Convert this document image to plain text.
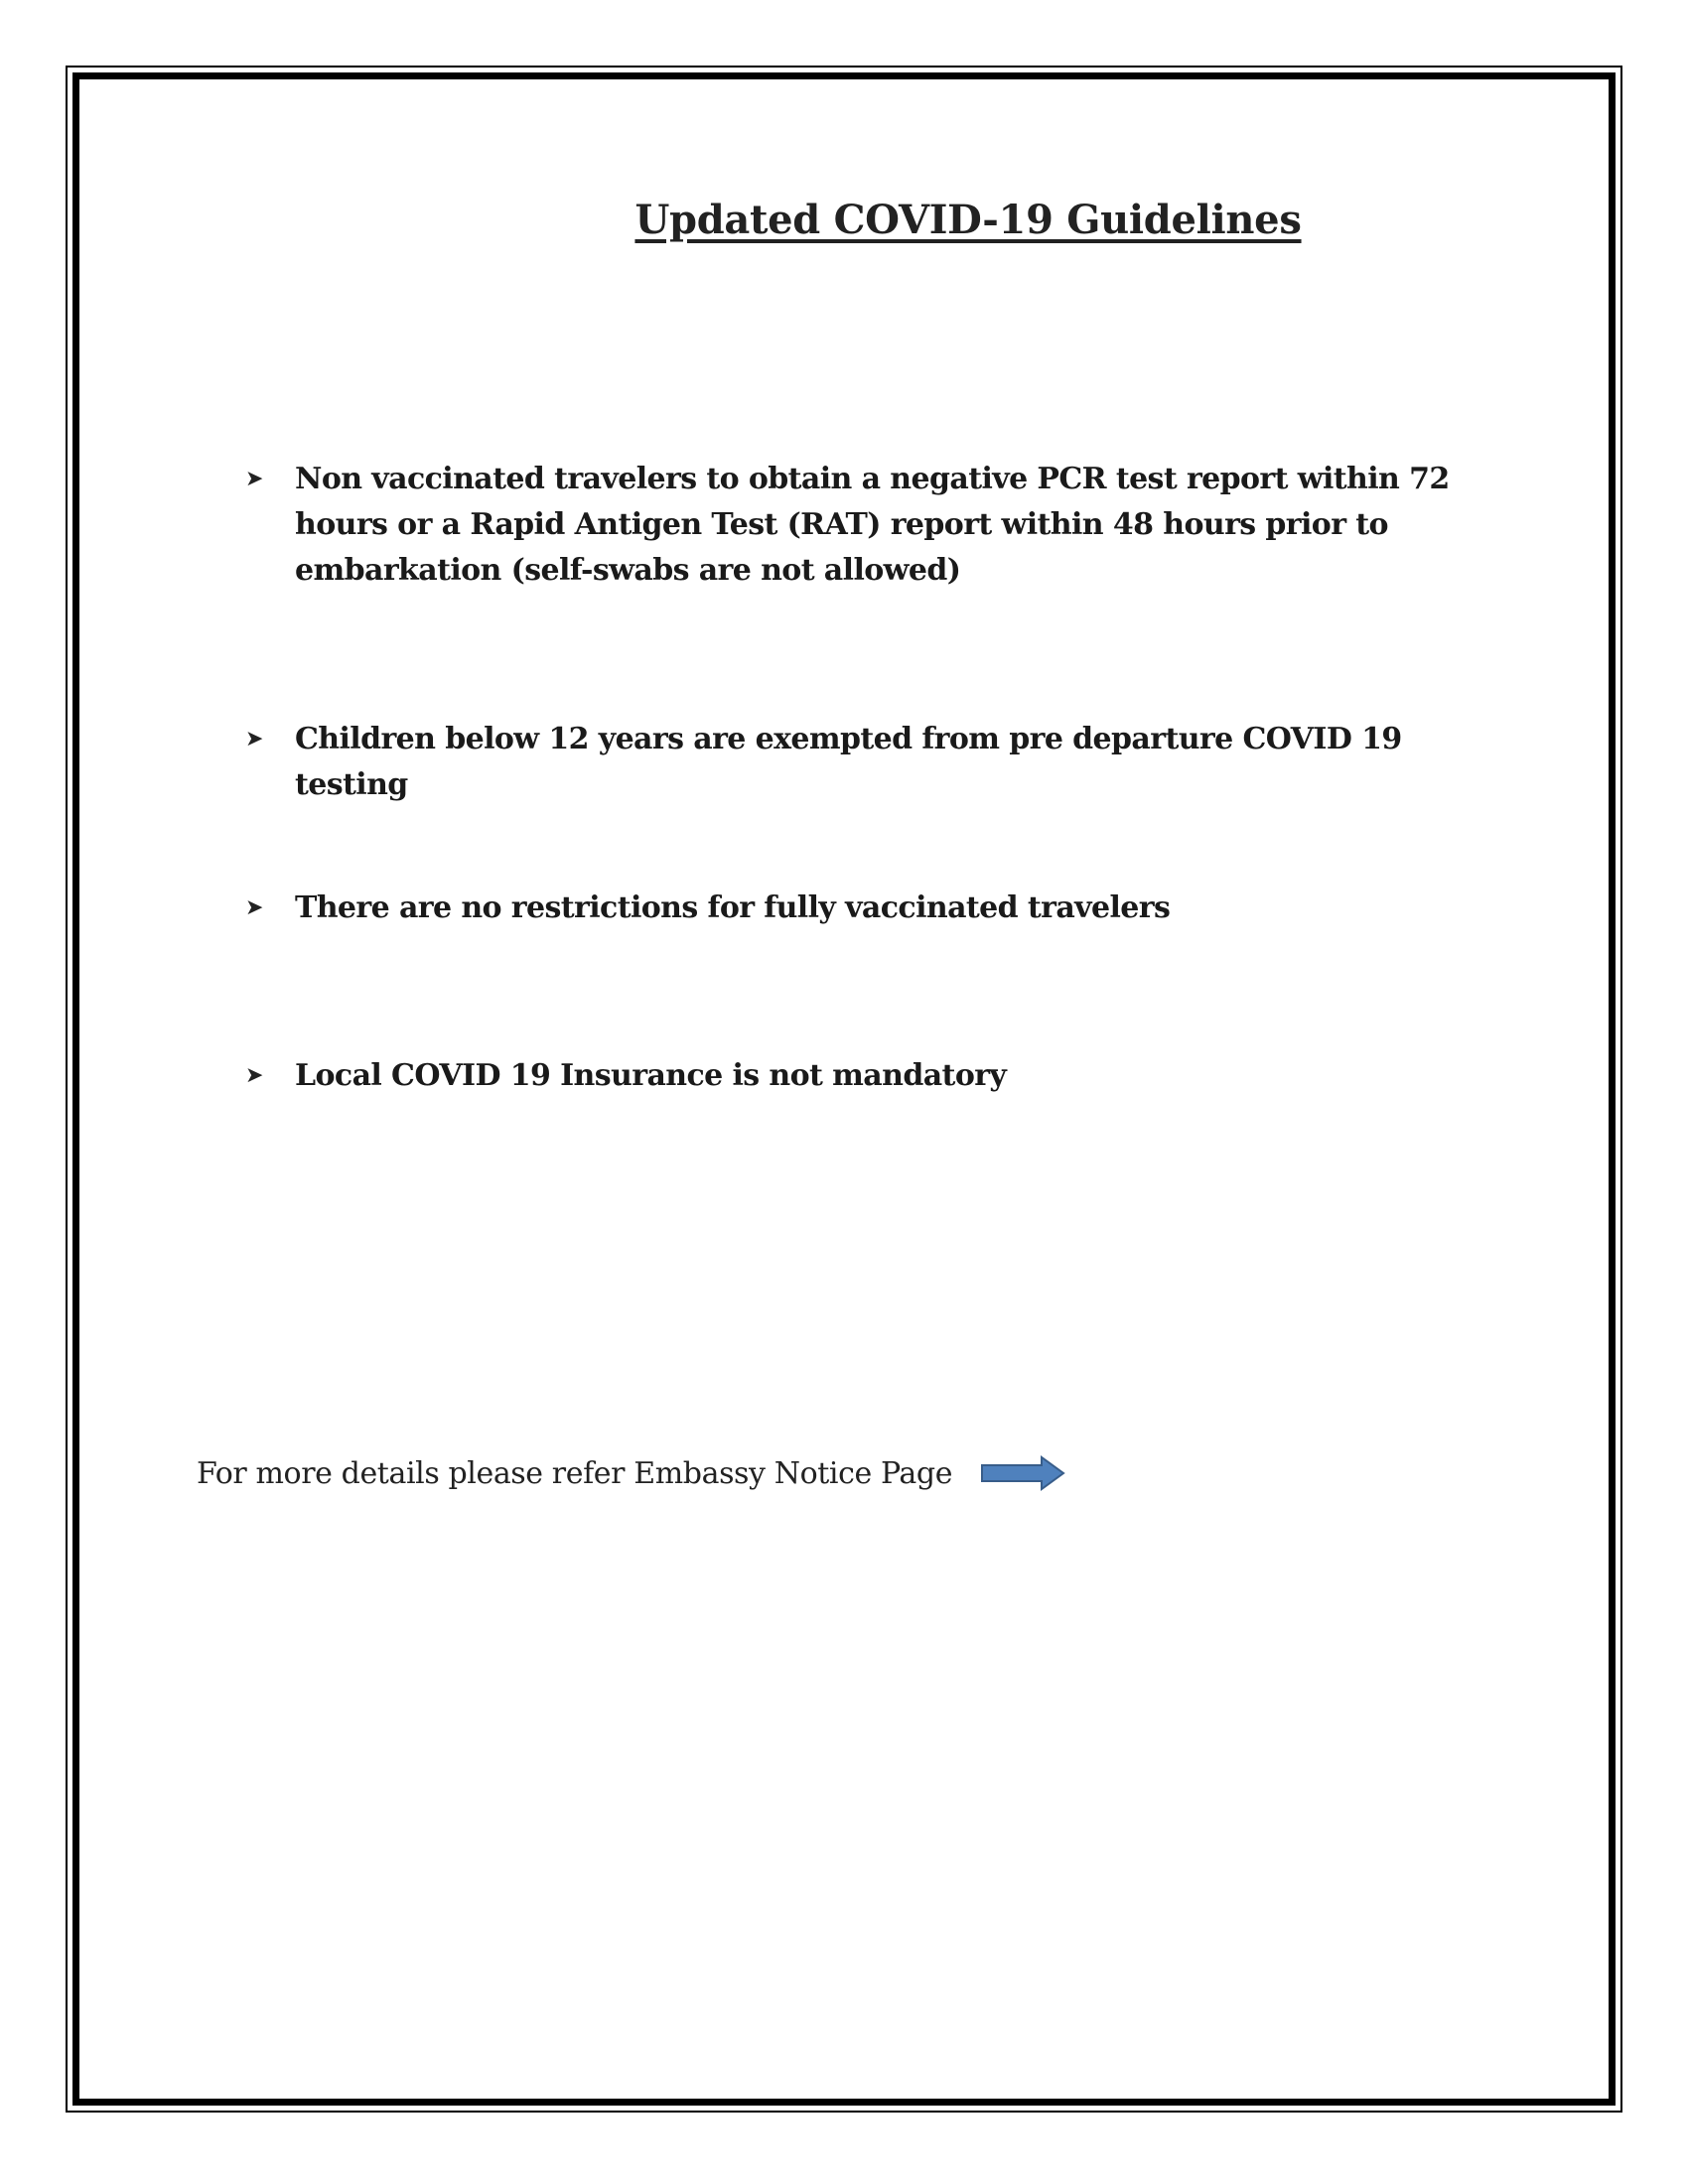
Updated COVID-19 Guidelines
➤	Non vaccinated travelers to obtain a negative PCR test report within 72 hours or a Rapid Antigen Test (RAT) report within 48 hours prior to embarkation (self-swabs are not allowed)
➤	Children below 12 years are exempted from pre departure COVID 19 testing
➤	There are no restrictions for fully vaccinated travelers
➤	Local COVID 19 Insurance is not mandatory
For more details please refer Embassy Notice Page
